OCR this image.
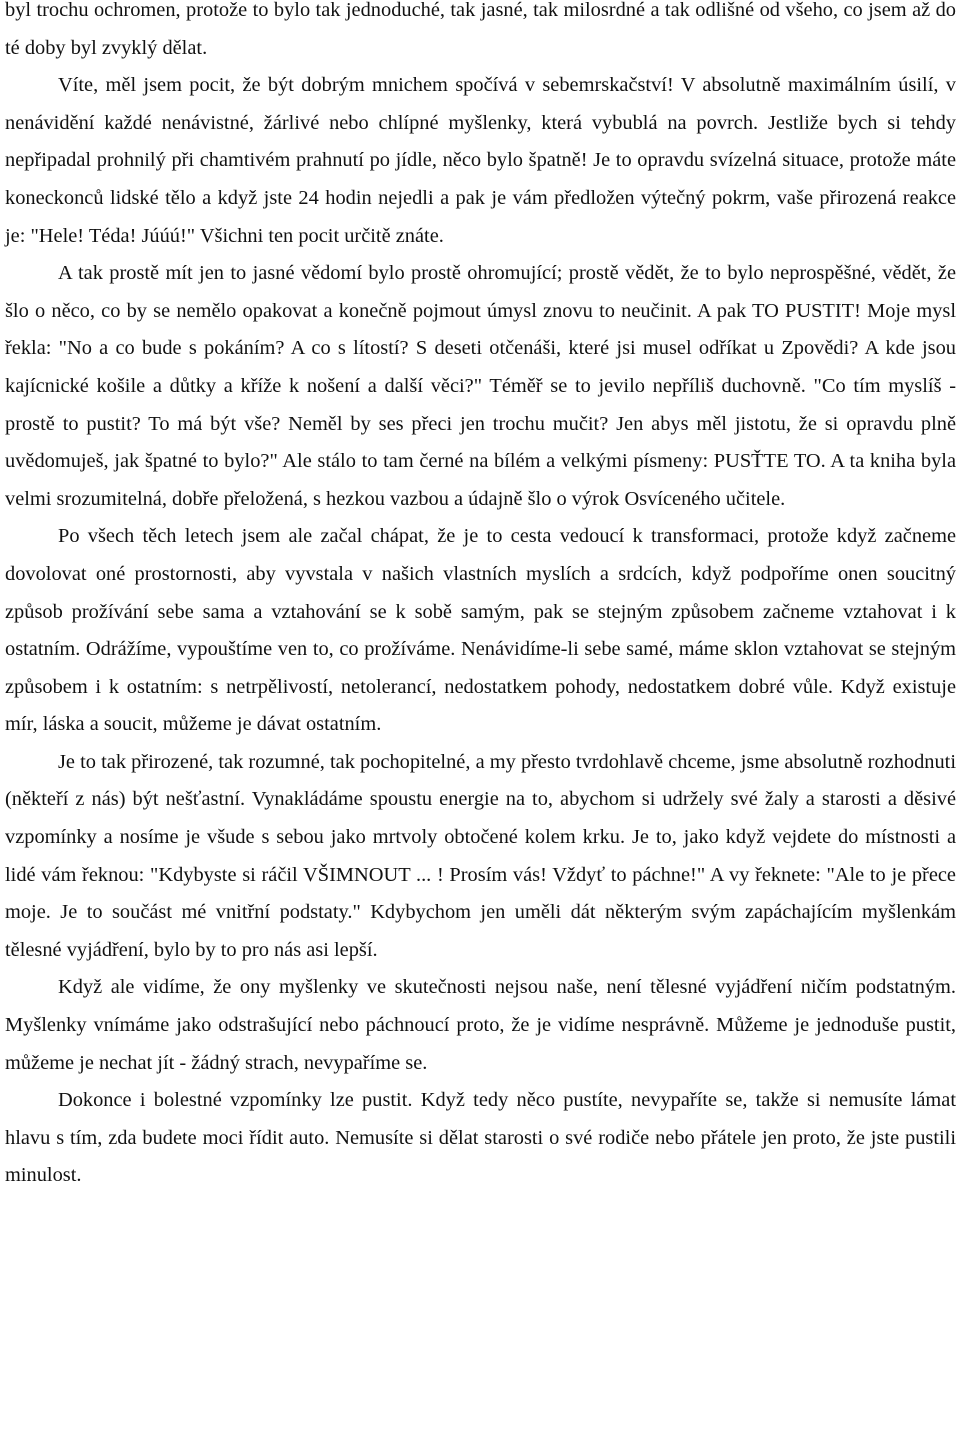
byl trochu ochromen, protože to bylo tak jednoduché, tak jasné, tak milosrdné a tak odlišné od všeho, co jsem až do té doby byl zvyklý dělat.

Víte, měl jsem pocit, že být dobrým mnichem spočívá v sebemrskačství! V absolutně maximálním úsilí, v nenávidění každé nenávistné, žárlivé nebo chlípné myšlenky, která vybublá na povrch. Jestliže bych si tehdy nepřipadal prohnilý při chamtivém prahnutí po jídle, něco bylo špatně! Je to opravdu svízelná situace, protože máte koneckonců lidské tělo a když jste 24 hodin nejedli a pak je vám předložen výtečný pokrm, vaše přirozená reakce je: "Hele! Téda! Júúú!" Všichni ten pocit určitě znáte.

A tak prostě mít jen to jasné vědomí bylo prostě ohromující; prostě vědět, že to bylo neprospěšné, vědět, že šlo o něco, co by se nemělo opakovat a konečně pojmout úmysl znovu to neučinit. A pak TO PUSTIT! Moje mysl řekla: "No a co bude s pokáním? A co s lítostí? S deseti otčenáši, které jsi musel odříkat u Zpovědi? A kde jsou kajícnické košile a důtky a kříže k nošení a další věci?" Téměř se to jevilo nepříliš duchovně. "Co tím myslíš - prostě to pustit? To má být vše? Neměl by ses přeci jen trochu mučit? Jen abys měl jistotu, že si opravdu plně uvědomuješ, jak špatné to bylo?" Ale stálo to tam černé na bílém a velkými písmeny: PUSŤTE TO. A ta kniha byla velmi srozumitelná, dobře přeložená, s hezkou vazbou a údajně šlo o výrok Osvíceného učitele.

Po všech těch letech jsem ale začal chápat, že je to cesta vedoucí k transformaci, protože když začneme dovolovat oné prostornosti, aby vyvstala v našich vlastních myslích a srdcích, když podpoříme onen soucitný způsob prožívání sebe sama a vztahování se k sobě samým, pak se stejným způsobem začneme vztahovat i k ostatním. Odrážíme, vypouštíme ven to, co prožíváme. Nenávidíme-li sebe samé, máme sklon vztahovat se stejným způsobem i k ostatním: s netrpělivostí, netolerancí, nedostatkem pohody, nedostatkem dobré vůle. Když existuje mír, láska a soucit, můžeme je dávat ostatním.

Je to tak přirozené, tak rozumné, tak pochopitelné, a my přesto tvrdohlavě chceme, jsme absolutně rozhodnuti (někteří z nás) být nešťastní. Vynakládáme spoustu energie na to, abychom si udržely své žaly a starosti a děsivé vzpomínky a nosíme je všude s sebou jako mrtvoly obtočené kolem krku. Je to, jako když vejdete do místnosti a lidé vám řeknou: "Kdybyste si ráčil VŠIMNOUT ... ! Prosím vás! Vždyť to páchne!" A vy řeknete: "Ale to je přece moje. Je to součást mé vnitřní podstaty." Kdybychom jen uměli dát některým svým zapáchajícím myšlenkám tělesné vyjádření, bylo by to pro nás asi lepší.

Když ale vidíme, že ony myšlenky ve skutečnosti nejsou naše, není tělesné vyjádření ničím podstatným. Myšlenky vnímáme jako odstrašující nebo páchnoucí proto, že je vidíme nesprávně. Můžeme je jednoduše pustit, můžeme je nechat jít - žádný strach, nevypaříme se.

Dokonce i bolestné vzpomínky lze pustit. Když tedy něco pustíte, nevypaříte se, takže si nemusíte lámat hlavu s tím, zda budete moci řídit auto. Nemusíte si dělat starosti o své rodiče nebo přátele jen proto, že jste pustili minulost.
